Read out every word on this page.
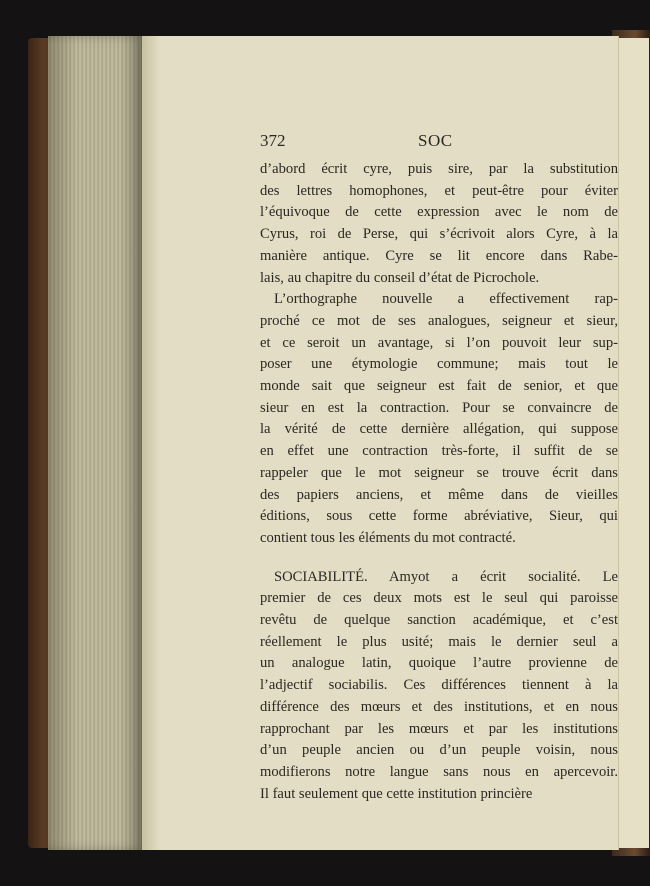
372	SOC

d’abord écrit cyre, puis sire, par la substitution
des lettres homophones, et peut-être pour éviter
l’équivoque de cette expression avec le nom de
Cyrus, roi de Perse, qui s’écrivoit alors Cyre, à la
manière antique. Cyre se lit encore dans Rabe-
lais, au chapitre du conseil d’état de Picrochole.

L’orthographe nouvelle a effectivement rap-
proché ce mot de ses analogues, seigneur et sieur,
et ce seroit un avantage, si l’on pouvoit leur sup-
poser une étymologie commune; mais tout le
monde sait que seigneur est fait de senior, et que
sieur en est la contraction. Pour se convaincre de
la vérité de cette dernière allégation, qui suppose
en effet une contraction très-forte, il suffit de se
rappeler que le mot seigneur se trouve écrit dans
des papiers anciens, et même dans de vieilles
éditions, sous cette forme abréviative, Sieur, qui
contient tous les éléments du mot contracté.

SOCIABILITÉ. Amyot a écrit socialité. Le
premier de ces deux mots est le seul qui paroisse
revêtu de quelque sanction académique, et c’est
réellement le plus usité; mais le dernier seul a
un analogue latin, quoique l’autre provienne de
l’adjectif sociabilis. Ces différences tiennent à la
différence des mœurs et des institutions, et en nous
rapprochant par les mœurs et par les institutions
d’un peuple ancien ou d’un peuple voisin, nous
modifierons notre langue sans nous en apercevoir.
Il faut seulement que cette institution princière
